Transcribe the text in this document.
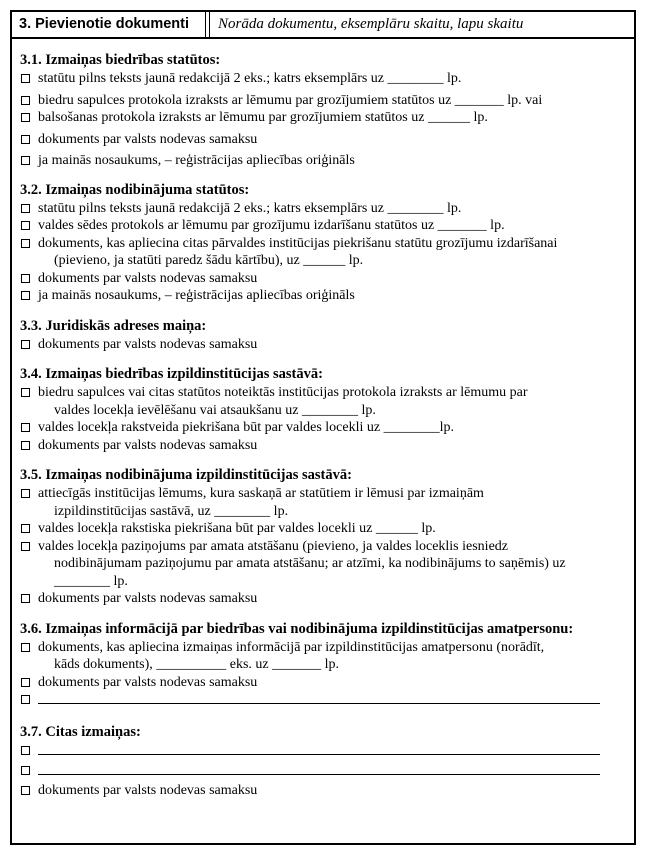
3. Pievienotie dokumenti	Norāda dokumentu, eksemplāru skaitu, lapu skaitu
3.1. Izmaiņas biedrības statūtos:
statūtu pilns teksts jaunā redakcijā 2 eks.; katrs eksemplārs uz ________ lp.
biedru sapulces protokola izraksts ar lēmumu par grozījumiem statūtos uz _______ lp. vai
balsošanas protokola izraksts ar lēmumu par grozījumiem statūtos uz ______ lp.
dokuments par valsts nodevas samaksu
ja mainās nosaukums, – reģistrācijas apliecības oriģināls
3.2. Izmaiņas nodibinājuma statūtos:
statūtu pilns teksts jaunā redakcijā 2 eks.; katrs eksemplārs uz ________ lp.
valdes sēdes protokols ar lēmumu par grozījumu izdarīšanu statūtos uz _______ lp.
dokuments, kas apliecina citas pārvaldes institūcijas piekrišanu statūtu grozījumu izdarīšanai
(pievieno, ja statūti paredz šādu kārtību), uz ______ lp.
dokuments par valsts nodevas samaksu
ja mainās nosaukums, – reģistrācijas apliecības oriģināls
3.3. Juridiskās adreses maiņa:
dokuments par valsts nodevas samaksu
3.4. Izmaiņas biedrības izpildinstitūcijas sastāvā:
biedru sapulces vai citas statūtos noteiktās institūcijas protokola izraksts ar lēmumu par
valdes locekļa ievēlēšanu vai atsaukšanu uz ________ lp.
valdes locekļa rakstveida piekrišana būt par valdes locekli uz ________lp.
dokuments par valsts nodevas samaksu
3.5. Izmaiņas nodibinājuma izpildinstitūcijas sastāvā:
attiecīgās institūcijas lēmums, kura saskaņā ar statūtiem ir lēmusi par izmaiņām
izpildinstitūcijas sastāvā, uz ________ lp.
valdes locekļa rakstiska piekrišana būt par valdes locekli uz ______ lp.
valdes locekļa paziņojums par amata atstāšanu (pievieno, ja valdes loceklis iesniedz
nodibinājumam paziņojumu par amata atstāšanu; ar atzīmi, ka nodibinājums to saņēmis) uz
________ lp.
dokuments par valsts nodevas samaksu
3.6. Izmaiņas informācijā par biedrības vai nodibinājuma izpildinstitūcijas amatpersonu:
dokuments, kas apliecina izmaiņas informācijā par izpildinstitūcijas amatpersonu (norādīt,
kāds dokuments), __________ eks. uz _______ lp.
dokuments par valsts nodevas samaksu
3.7. Citas izmaiņas:
dokuments par valsts nodevas samaksu
